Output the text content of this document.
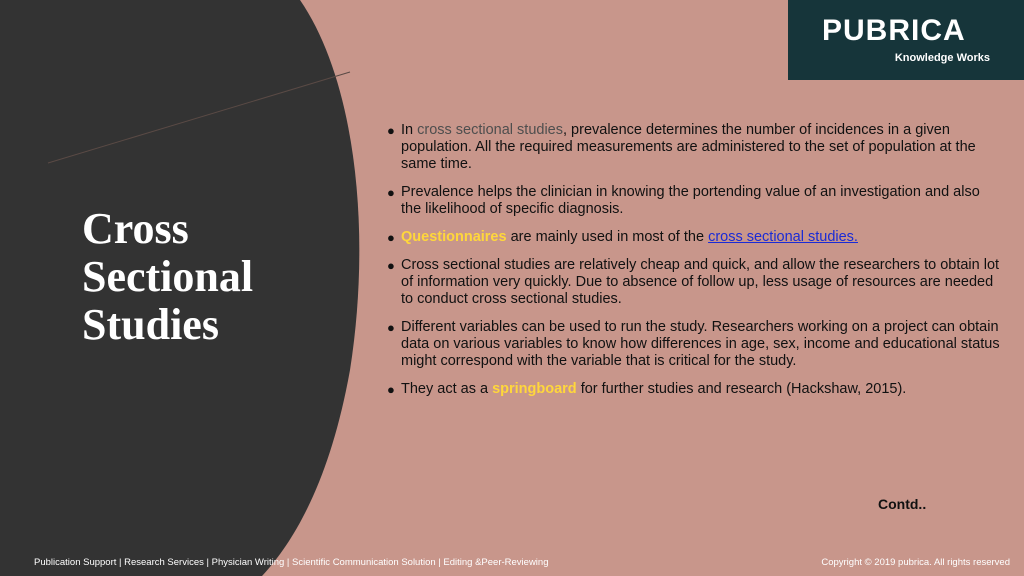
PUBRICA
Knowledge Works
Cross
Sectional
Studies
● In cross sectional studies, prevalence determines the number of incidences in a given population. All the required measurements are administered to the set of population at the same time.
● Prevalence helps the clinician in knowing the portending value of an investigation and also the likelihood of specific diagnosis.
● Questionnaires are mainly used in most of the cross sectional studies.
● Cross sectional studies are relatively cheap and quick, and allow the researchers to obtain lot of information very quickly. Due to absence of follow up, less usage of resources are needed to conduct cross sectional studies.
● Different variables can be used to run the study. Researchers working on a project can obtain data on various variables to know how differences in age, sex, income and educational status might correspond with the variable that is critical for the study.
● They act as a springboard for further studies and research (Hackshaw, 2015).
Contd..
Publication Support | Research Services | Physician Writing | Scientific Communication Solution | Editing &Peer-Reviewing	Copyright © 2019 pubrica. All rights reserved
